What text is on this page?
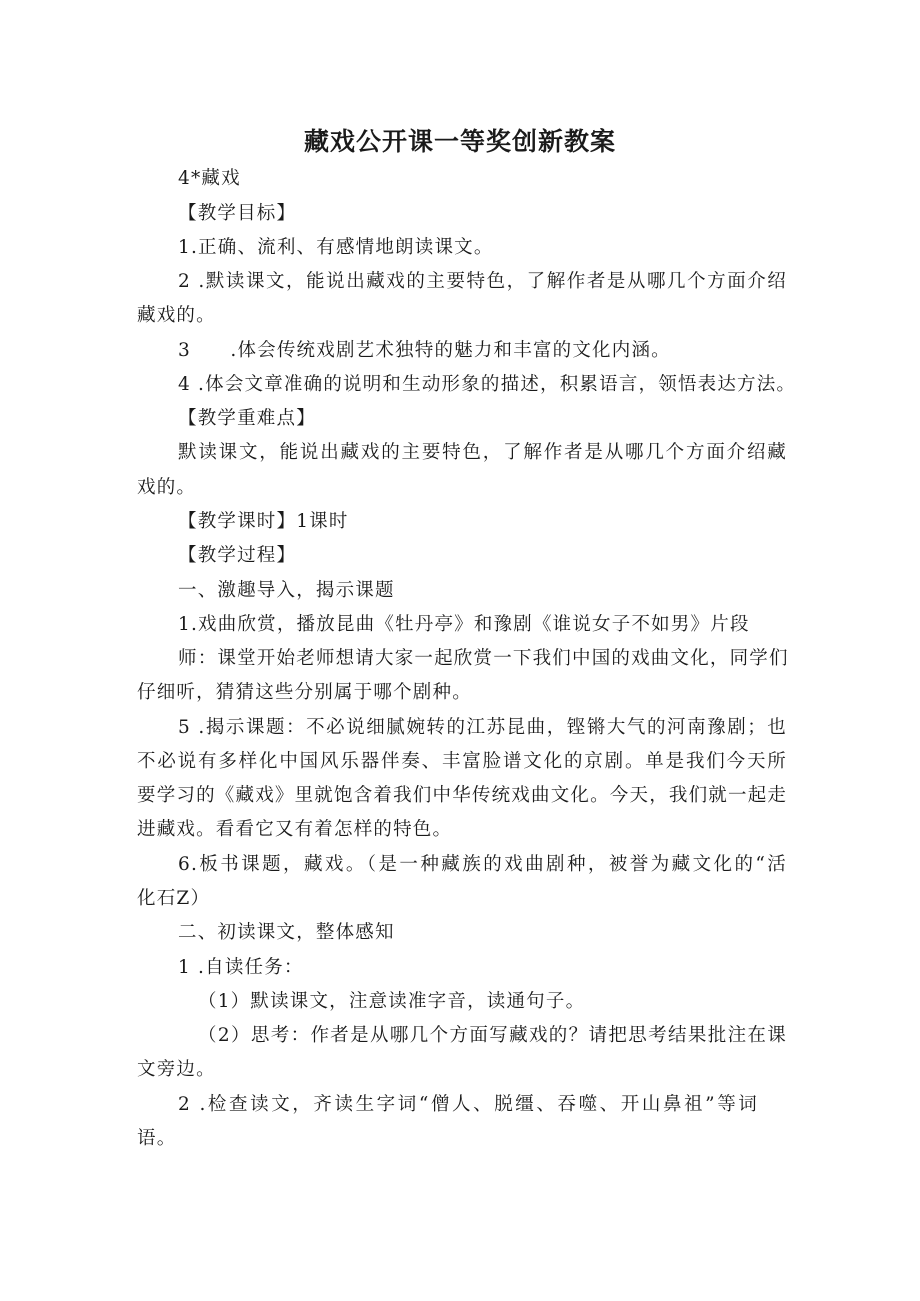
藏戏公开课一等奖创新教案
4*藏戏
【教学目标】
1.正确、流利、有感情地朗读课文。
2 .默读课文，能说出藏戏的主要特色，了解作者是从哪几个方面介绍
藏戏的。
3　　.体会传统戏剧艺术独特的魅力和丰富的文化内涵。
4 .体会文章准确的说明和生动形象的描述，积累语言，领悟表达方法。
【教学重难点】
默读课文，能说出藏戏的主要特色，了解作者是从哪几个方面介绍藏
戏的。
【教学课时】1课时
【教学过程】
一、激趣导入，揭示课题
1.戏曲欣赏，播放昆曲《牡丹亭》和豫剧《谁说女子不如男》片段
师：课堂开始老师想请大家一起欣赏一下我们中国的戏曲文化，同学们
仔细听，猜猜这些分别属于哪个剧种。
5 .揭示课题：不必说细腻婉转的江苏昆曲，铿锵大气的河南豫剧；也
不必说有多样化中国风乐器伴奏、丰富脸谱文化的京剧。单是我们今天所
要学习的《藏戏》里就饱含着我们中华传统戏曲文化。今天，我们就一起走
进藏戏。看看它又有着怎样的特色。
6.板书课题，藏戏。（是一种藏族的戏曲剧种，被誉为藏文化的“活
化石Z）
二、初读课文，整体感知
1 .自读任务：
（1）默读课文，注意读准字音，读通句子。
（2）思考：作者是从哪几个方面写藏戏的？请把思考结果批注在课
文旁边。
2 .检查读文，齐读生字词“僧人、脱缰、吞噬、开山鼻祖”等词
语。
